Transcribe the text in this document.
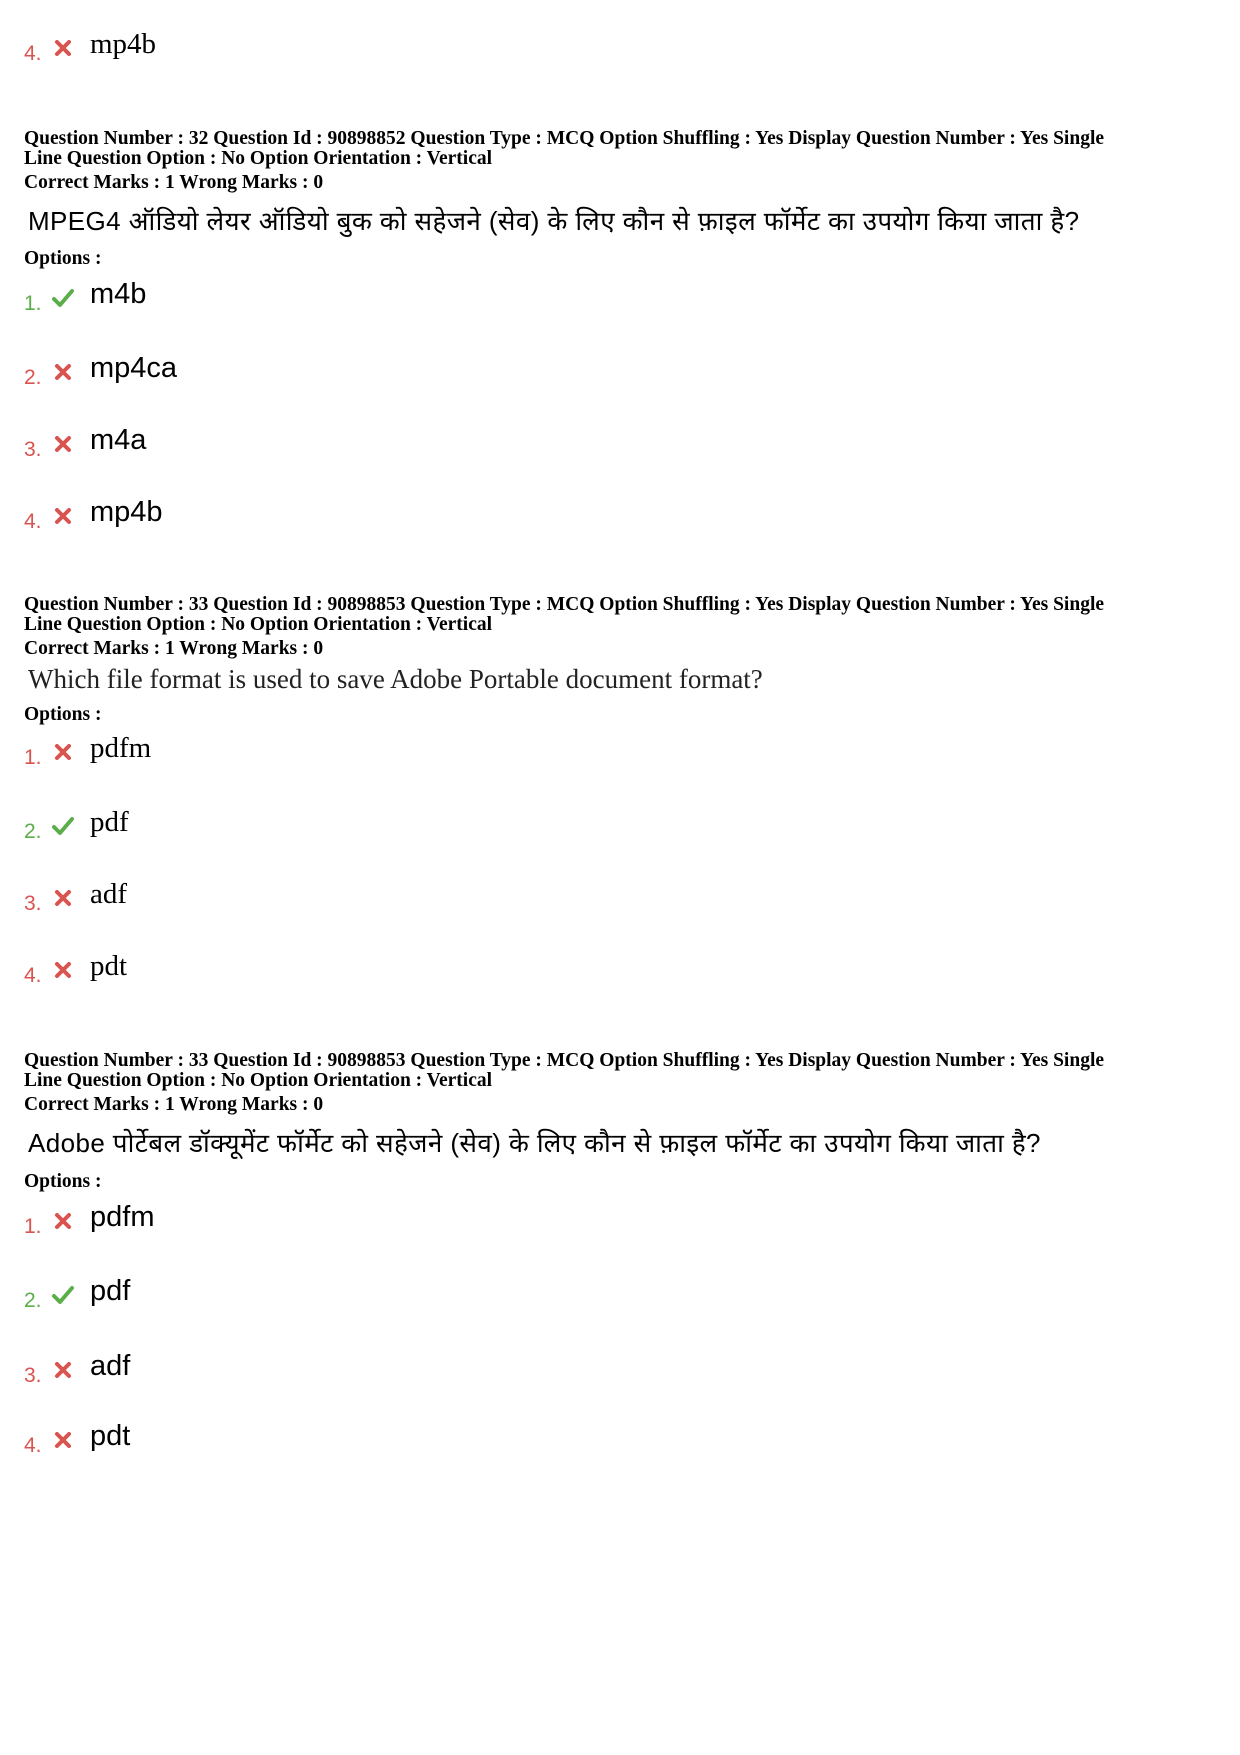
4. mp4b
Question Number : 32 Question Id : 90898852 Question Type : MCQ Option Shuffling : Yes Display Question Number : Yes Single
Line Question Option : No Option Orientation : Vertical
Correct Marks : 1 Wrong Marks : 0
MPEG4 ऑडियो लेयर ऑडियो बुक को सहेजने (सेव) के लिए कौन से फ़ाइल फॉर्मेट का उपयोग किया जाता है?
Options :
1. m4b
2. mp4ca
3. m4a
4. mp4b
Question Number : 33 Question Id : 90898853 Question Type : MCQ Option Shuffling : Yes Display Question Number : Yes Single
Line Question Option : No Option Orientation : Vertical
Correct Marks : 1 Wrong Marks : 0
Which file format is used to save Adobe Portable document format?
Options :
1. pdfm
2. pdf
3. adf
4. pdt
Question Number : 33 Question Id : 90898853 Question Type : MCQ Option Shuffling : Yes Display Question Number : Yes Single
Line Question Option : No Option Orientation : Vertical
Correct Marks : 1 Wrong Marks : 0
Adobe पोर्टेबल डॉक्यूमेंट फॉर्मेट को सहेजने (सेव) के लिए कौन से फ़ाइल फॉर्मेट का उपयोग किया जाता है?
Options :
1. pdfm
2. pdf
3. adf
4. pdt
